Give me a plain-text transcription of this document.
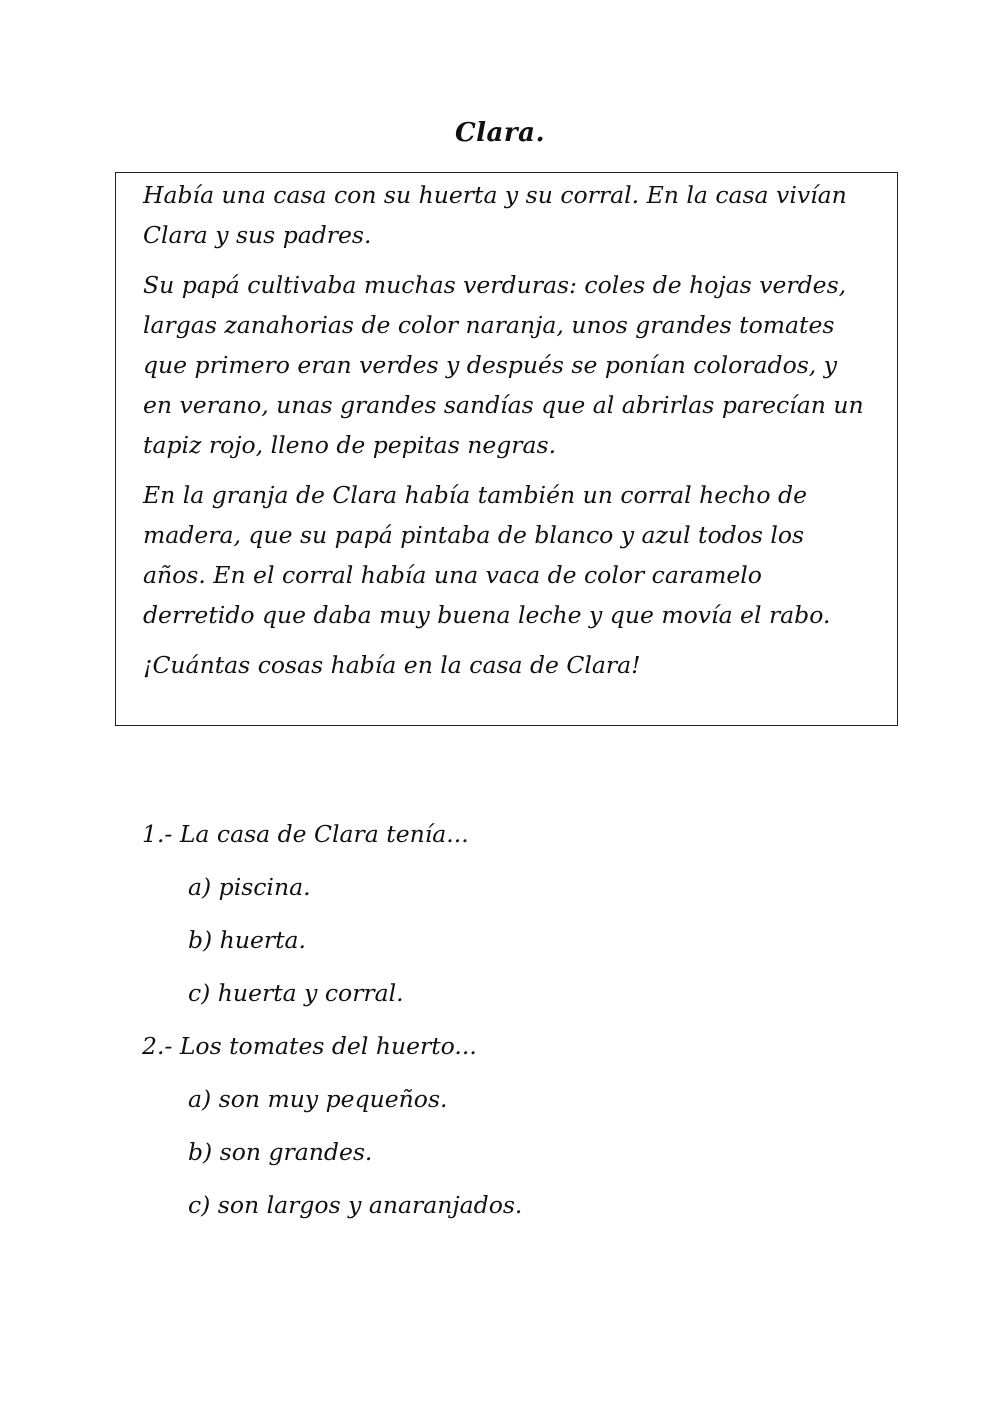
Clara.

Había una casa con su huerta y su corral. En la casa vivían Clara y sus padres.

Su papá cultivaba muchas verduras: coles de hojas verdes, largas zanahorias de color naranja, unos grandes tomates que primero eran verdes y después se ponían colorados, y en verano, unas grandes sandías que al abrirlas parecían un tapiz rojo, lleno de pepitas negras.

En la granja de Clara había también un corral hecho de madera, que su papá pintaba de blanco y azul todos los años. En el corral había una vaca de color caramelo derretido que daba muy buena leche y que movía el rabo.

¡Cuántas cosas había en la casa de Clara!

1.- La casa de Clara tenía...
a) piscina.
b) huerta.
c) huerta y corral.
2.- Los tomates del huerto...
a) son muy pequeños.
b) son grandes.
c) son largos y anaranjados.
